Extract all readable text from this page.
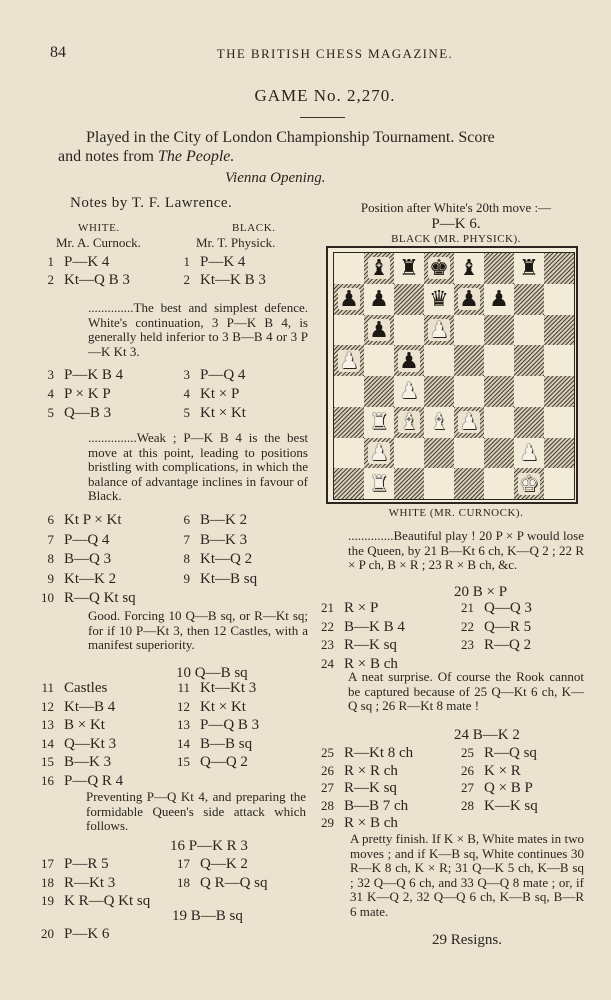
84	THE BRITISH CHESS MAGAZINE.
GAME No. 2,270.
Played in the City of London Championship Tournament. Score
and notes from The People.
Vienna Opening.
Notes by T. F. Lawrence.
WHITE.	BLACK.
Mr. A. Curnock.	Mr. T. Physick.
1 P—K 4	1 P—K 4
2 Kt—Q B 3	2 Kt—K B 3
..............The best and simplest defence. White's continuation, 3 P—K B 4, is generally held inferior to 3 B—B 4 or 3 P—K Kt 3.
3 P—K B 4	3 P—Q 4
4 P × K P	4 Kt × P
5 Q—B 3	5 Kt × Kt
...............Weak ; P—K B 4 is the best move at this point, leading to positions bristling with complications, in which the balance of advantage inclines in favour of Black.
6 Kt P × Kt	6 B—K 2
7 P—Q 4	7 B—K 3
8 B—Q 3	8 Kt—Q 2
9 Kt—K 2	9 Kt—B sq
10 R—Q Kt sq
Good. Forcing 10 Q—B sq, or R—Kt sq; for if 10 P—Kt 3, then 12 Castles, with a manifest superiority.
10 Q—B sq
11 Castles	11 Kt—Kt 3
12 Kt—B 4	12 Kt × Kt
13 B × Kt	13 P—Q B 3
14 Q—Kt 3	14 B—B sq
15 B—K 3	15 Q—Q 2
16 P—Q R 4
Preventing P—Q Kt 4, and preparing the formidable Queen's side attack which follows.
16 P—K R 3
17 P—R 5	17 Q—K 2
18 R—Kt 3	18 Q R—Q sq
19 K R—Q Kt sq
19 B—B sq
20 P—K 6
Position after White's 20th move :—
P—K 6.
BLACK (MR. PHYSICK).
♝ ♜ ♚ ♝ ♜
♟ ♟ ♛ ♟ ♟
♟ ♟
♟ ♟
♟
♜ ♝ ♝ ♟
♟	♟
♜	♚
WHITE (MR. CURNOCK).
..............Beautiful play ! 20 P × P would lose the Queen, by 21 B—Kt 6 ch, K—Q 2 ; 22 R × P ch, B × R ; 23 R × B ch, &c.
20 B × P
21 R × P	21 Q—Q 3
22 B—K B 4	22 Q—R 5
23 R—K sq	23 R—Q 2
24 R × B ch
A neat surprise. Of course the Rook cannot be captured because of 25 Q—Kt 6 ch, K—Q sq ; 26 R—Kt 8 mate !
24 B—K 2
25 R—Kt 8 ch	25 R—Q sq
26 R × R ch	26 K × R
27 R—K sq	27 Q × B P
28 B—B 7 ch	28 K—K sq
29 R × B ch
A pretty finish. If K × B, White mates in two moves ; and if K—B sq, White continues 30 R—K 8 ch, K × R; 31 Q—K 5 ch, K—B sq ; 32 Q—Q 6 ch, and 33 Q—Q 8 mate ; or, if 31 K—Q 2, 32 Q—Q 6 ch, K—B sq, B—R 6 mate.
29 Resigns.
